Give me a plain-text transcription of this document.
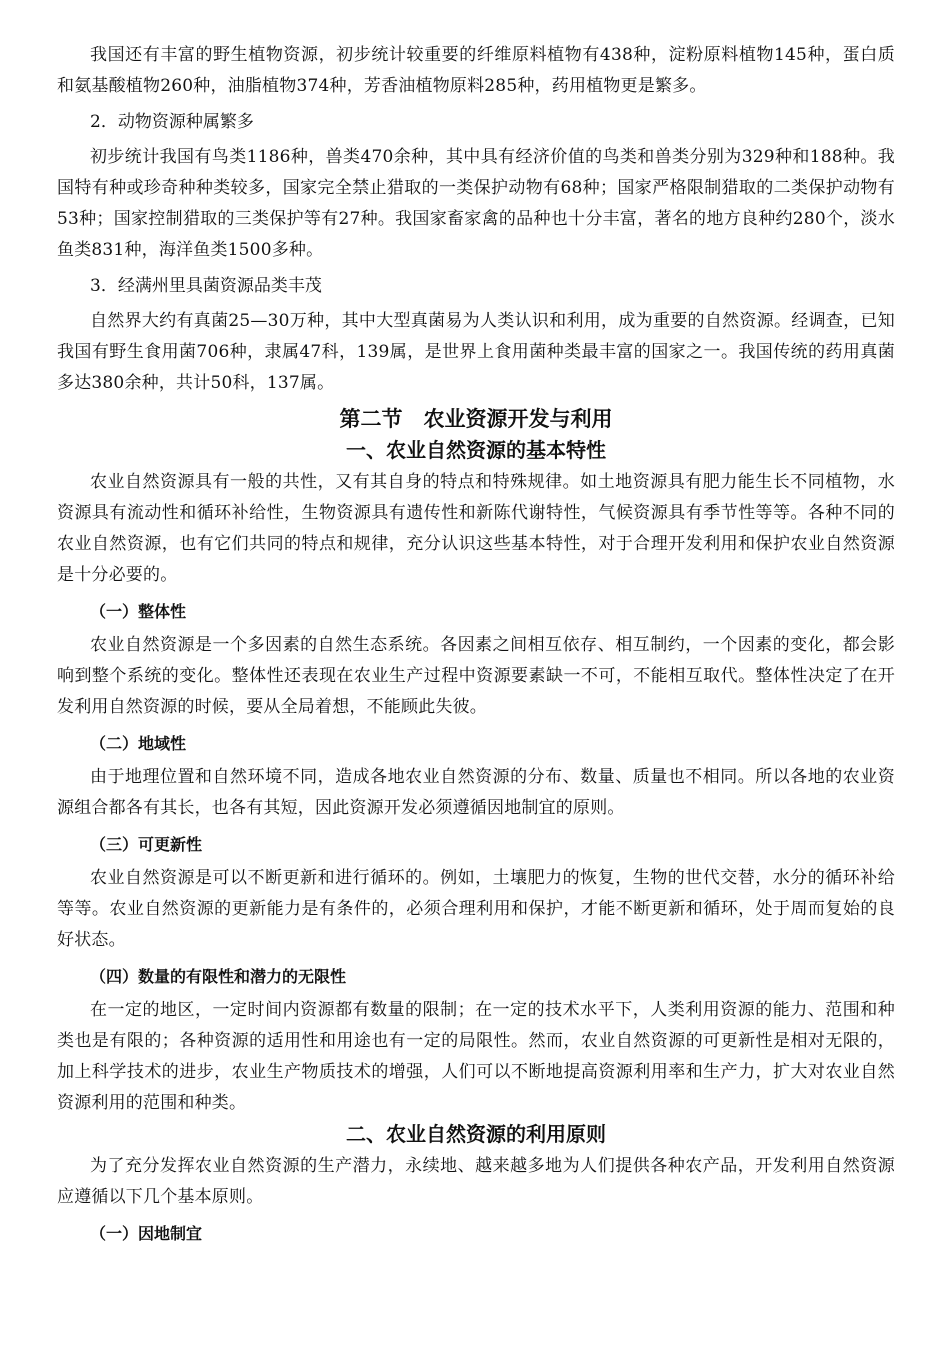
我国还有丰富的野生植物资源，初步统计较重要的纤维原料植物有438种，淀粉原料植物145种，蛋白质和氨基酸植物260种，油脂植物374种，芳香油植物原料285种，药用植物更是繁多。

2．动物资源种属繁多

初步统计我国有鸟类1186种，兽类470余种，其中具有经济价值的鸟类和兽类分别为329种和188种。我国特有种或珍奇种种类较多，国家完全禁止猎取的一类保护动物有68种；国家严格限制猎取的二类保护动物有53种；国家控制猎取的三类保护等有27种。我国家畜家禽的品种也十分丰富，著名的地方良种约280个，淡水鱼类831种，海洋鱼类1500多种。

3．经满州里具菌资源品类丰茂

自然界大约有真菌25—30万种，其中大型真菌易为人类认识和利用，成为重要的自然资源。经调查，已知我国有野生食用菌706种，隶属47科，139属，是世界上食用菌种类最丰富的国家之一。我国传统的药用真菌多达380余种，共计50科，137属。

第二节　农业资源开发与利用
一、农业自然资源的基本特性

农业自然资源具有一般的共性，又有其自身的特点和特殊规律。如土地资源具有肥力能生长不同植物，水资源具有流动性和循环补给性，生物资源具有遗传性和新陈代谢特性，气候资源具有季节性等等。各种不同的农业自然资源，也有它们共同的特点和规律，充分认识这些基本特性，对于合理开发利用和保护农业自然资源是十分必要的。

（一）整体性

农业自然资源是一个多因素的自然生态系统。各因素之间相互依存、相互制约，一个因素的变化，都会影响到整个系统的变化。整体性还表现在农业生产过程中资源要素缺一不可，不能相互取代。整体性决定了在开发利用自然资源的时候，要从全局着想，不能顾此失彼。

（二）地域性

由于地理位置和自然环境不同，造成各地农业自然资源的分布、数量、质量也不相同。所以各地的农业资源组合都各有其长，也各有其短，因此资源开发必须遵循因地制宜的原则。

（三）可更新性

农业自然资源是可以不断更新和进行循环的。例如，土壤肥力的恢复，生物的世代交替，水分的循环补给等等。农业自然资源的更新能力是有条件的，必须合理利用和保护，才能不断更新和循环，处于周而复始的良好状态。

（四）数量的有限性和潜力的无限性

在一定的地区，一定时间内资源都有数量的限制；在一定的技术水平下，人类利用资源的能力、范围和种类也是有限的；各种资源的适用性和用途也有一定的局限性。然而，农业自然资源的可更新性是相对无限的，加上科学技术的进步，农业生产物质技术的增强，人们可以不断地提高资源利用率和生产力，扩大对农业自然资源利用的范围和种类。

二、农业自然资源的利用原则

为了充分发挥农业自然资源的生产潜力，永续地、越来越多地为人们提供各种农产品，开发利用自然资源应遵循以下几个基本原则。

（一）因地制宜
